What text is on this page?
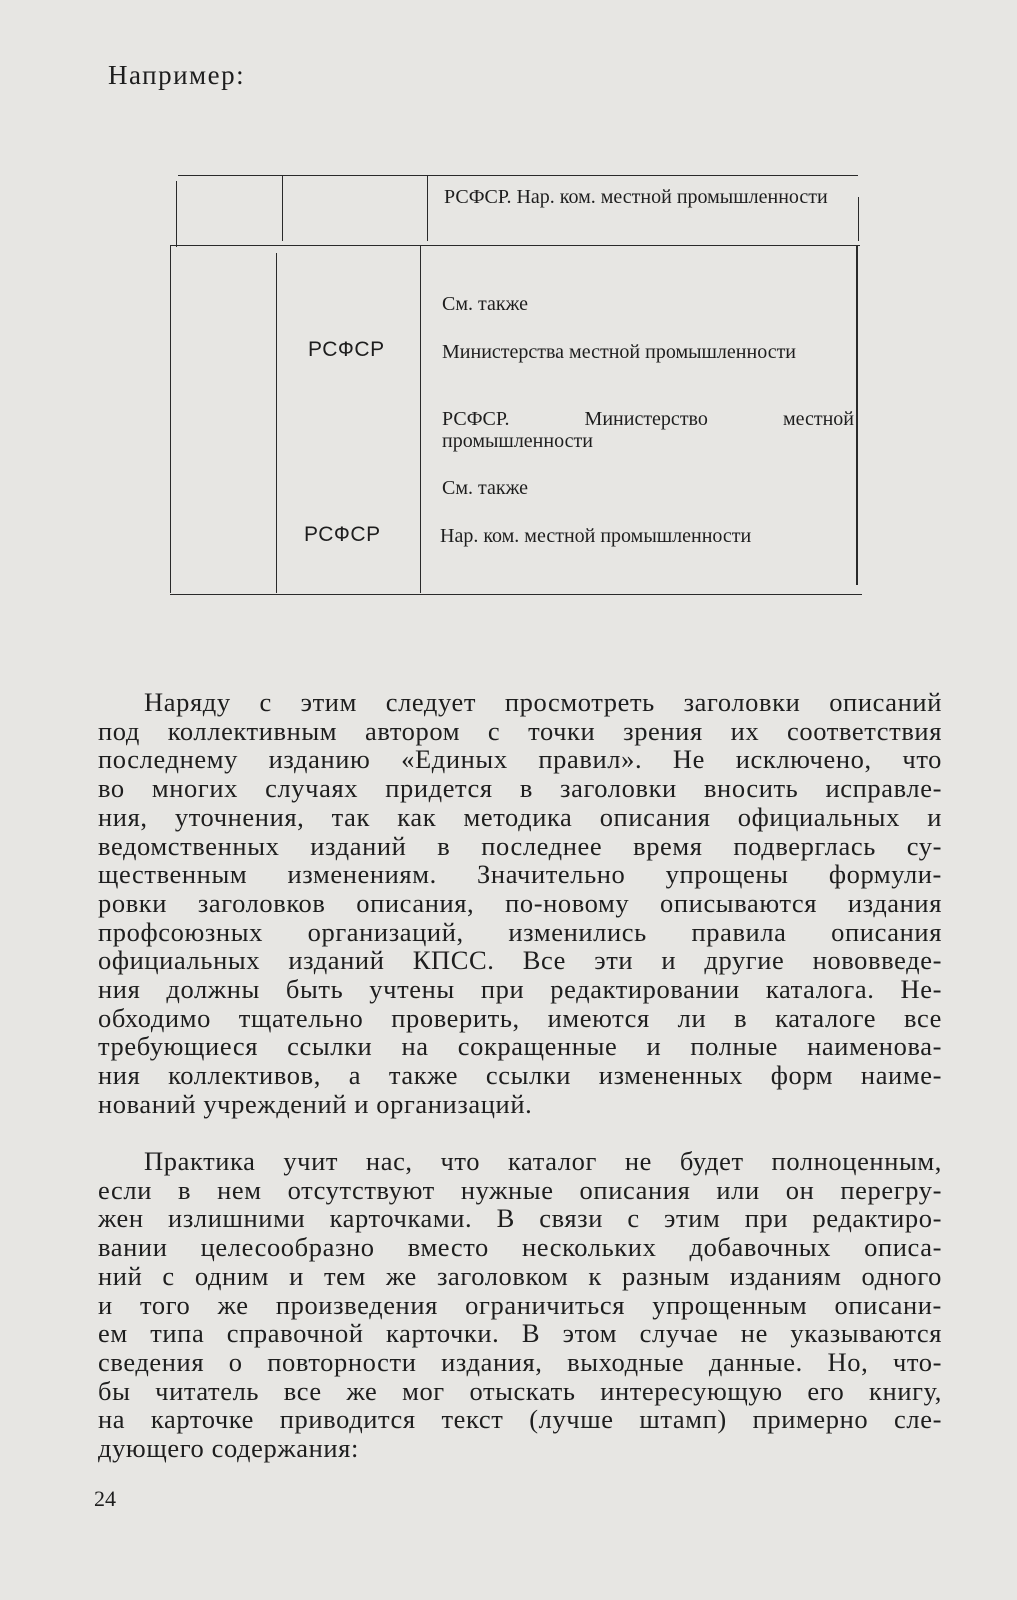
Например:
РСФСР. Нар. ком. местной промышленности
См. также
РСФСР	Министерства местной промышленности
РСФСР. Министерство местной промышленности
См. также
РСФСР	Нар. ком. местной промышленности

Наряду с этим следует просмотреть заголовки описаний
под коллективным автором с точки зрения их соответствия
последнему изданию «Единых правил». Не исключено, что
во многих случаях придется в заголовки вносить исправле-
ния, уточнения, так как методика описания официальных и
ведомственных изданий в последнее время подверглась су-
щественным изменениям. Значительно упрощены формули-
ровки заголовков описания, по-новому описываются издания
профсоюзных организаций, изменились правила описания
официальных изданий КПСС. Все эти и другие нововведе-
ния должны быть учтены при редактировании каталога. Не-
обходимо тщательно проверить, имеются ли в каталоге все
требующиеся ссылки на сокращенные и полные наименова-
ния коллективов, а также ссылки измененных форм наиме-
нований учреждений и организаций.

Практика учит нас, что каталог не будет полноценным,
если в нем отсутствуют нужные описания или он перегру-
жен излишними карточками. В связи с этим при редактиро-
вании целесообразно вместо нескольких добавочных описа-
ний с одним и тем же заголовком к разным изданиям одного
и того же произведения ограничиться упрощенным описани-
ем типа справочной карточки. В этом случае не указываются
сведения о повторности издания, выходные данные. Но, что-
бы читатель все же мог отыскать интересующую его книгу,
на карточке приводится текст (лучше штамп) примерно сле-
дующего содержания:

24
